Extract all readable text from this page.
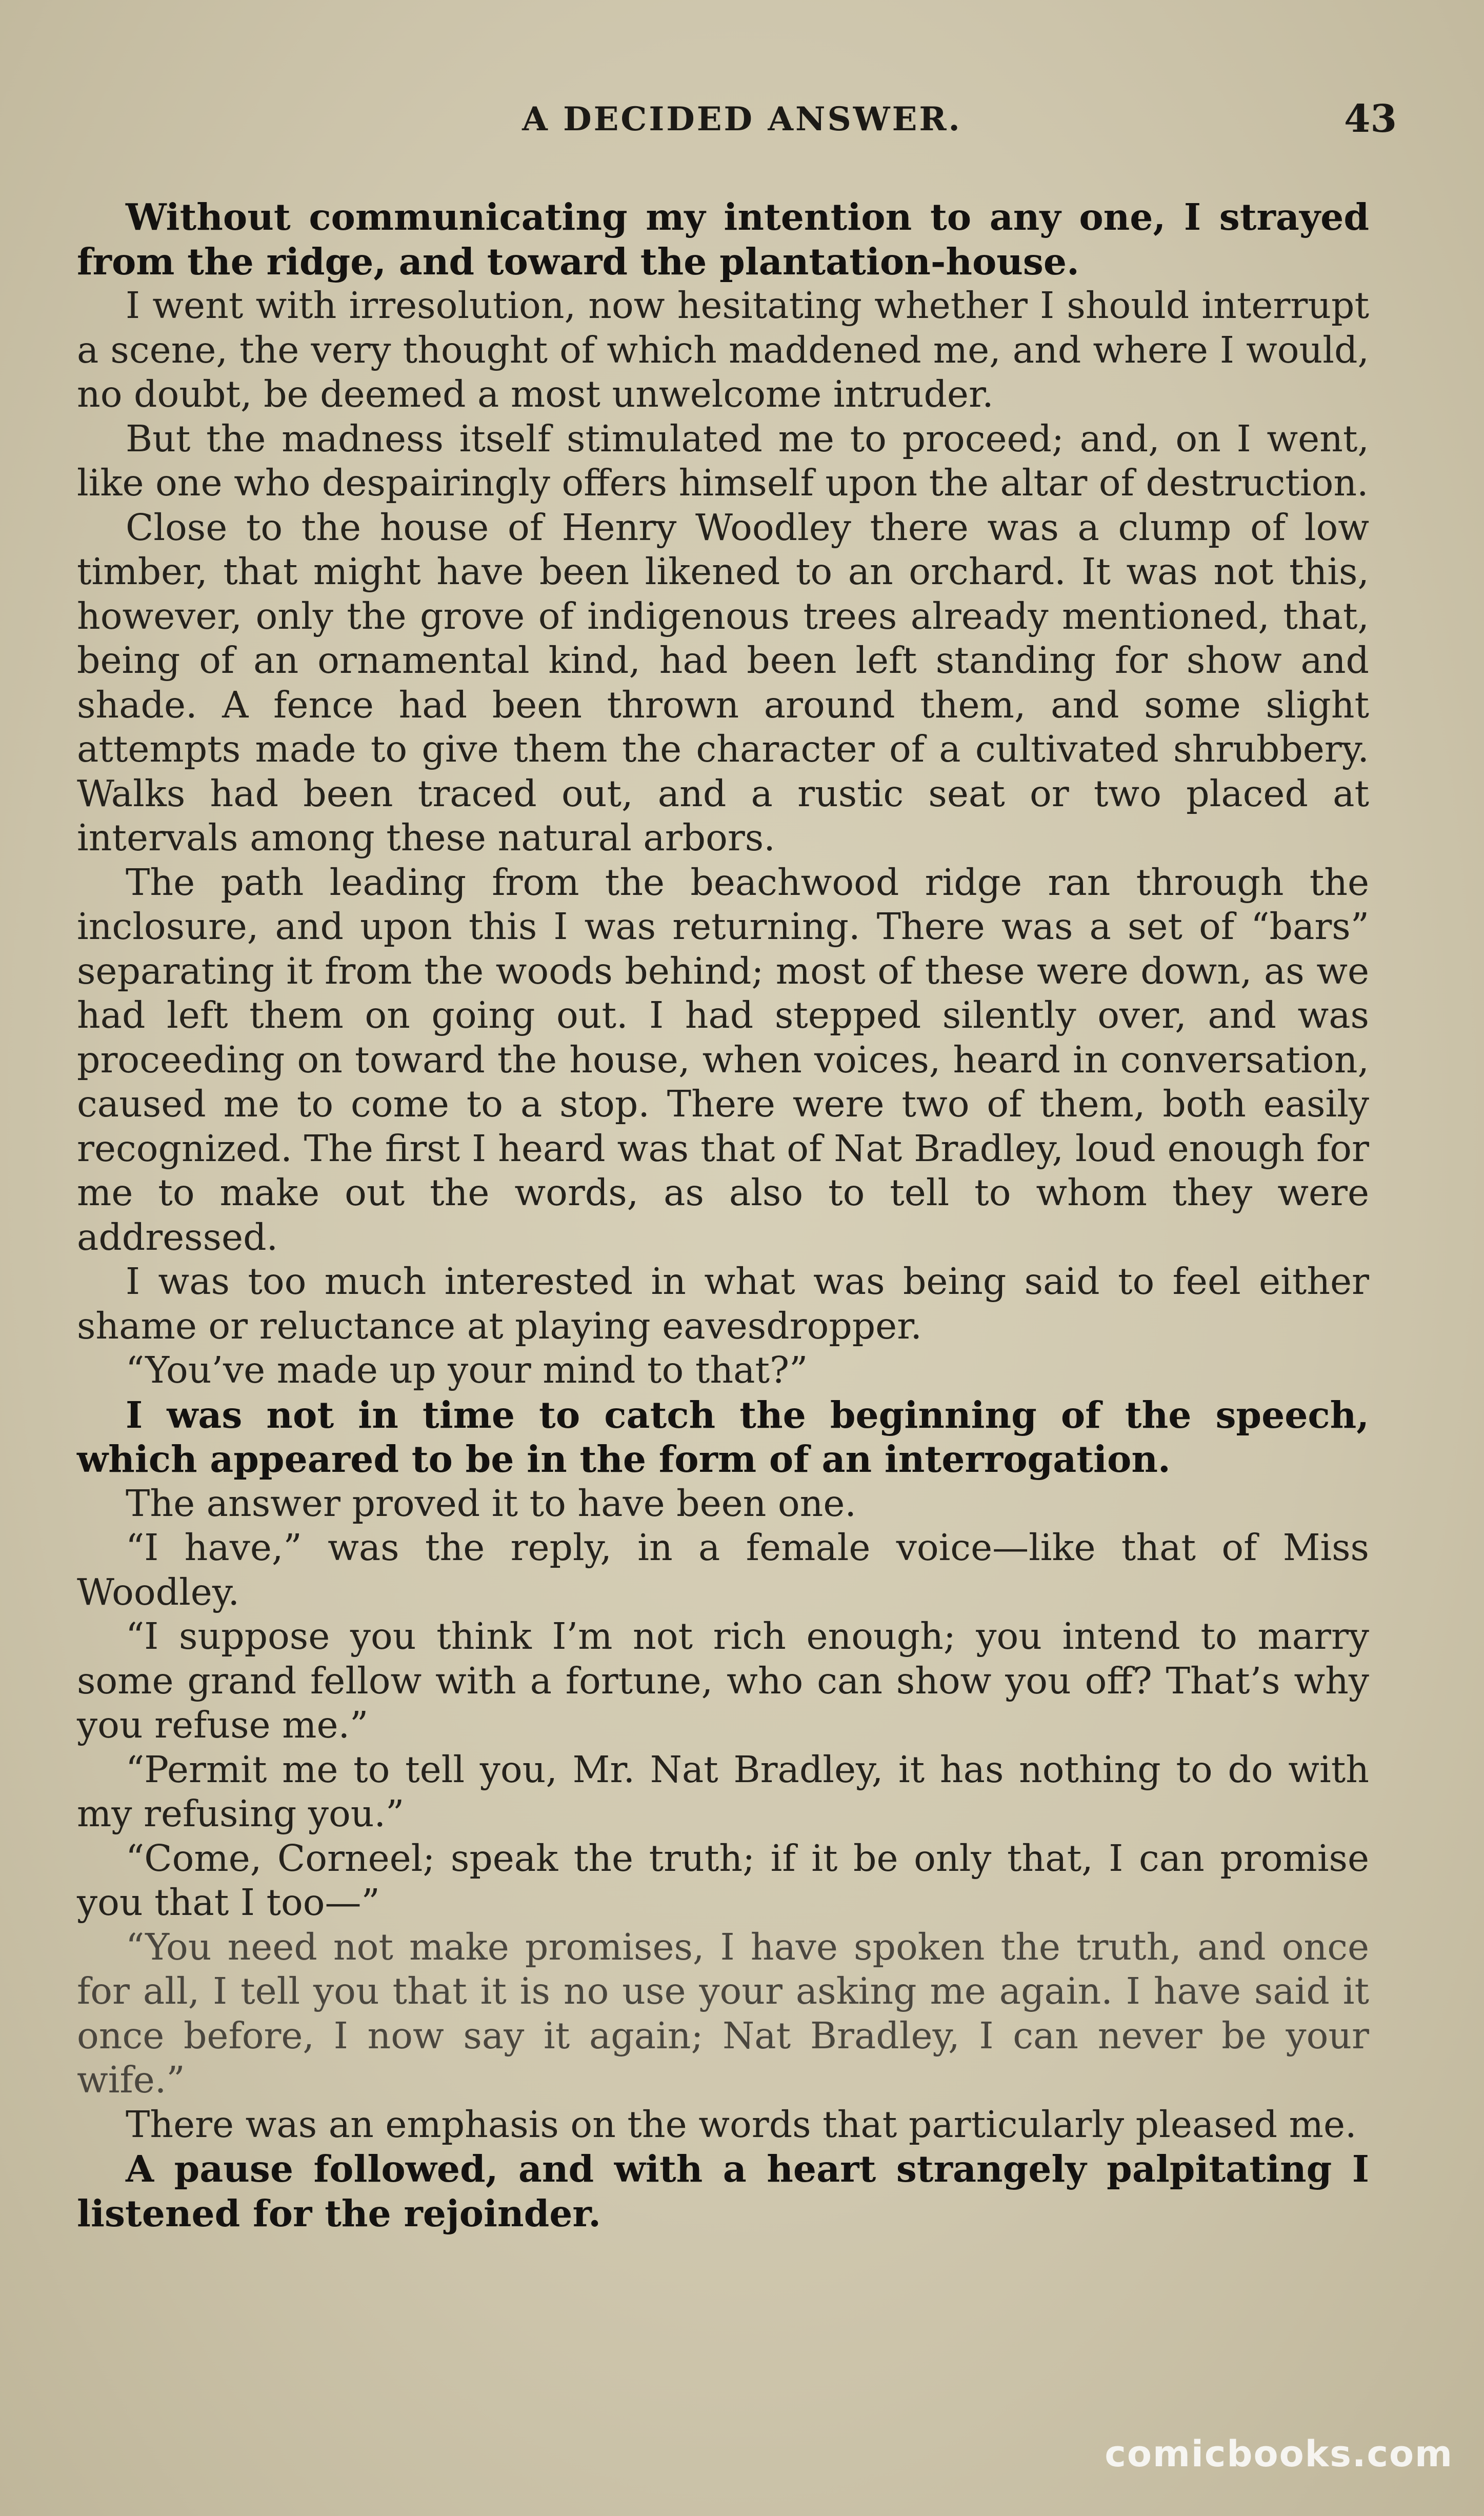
A DECIDED ANSWER.	43

Without communicating my intention to any one, I strayed from the ridge, and toward the plantation-house.

I went with irresolution, now hesitating whether I should interrupt a scene, the very thought of which maddened me, and where I would, no doubt, be deemed a most unwelcome intruder.

But the madness itself stimulated me to proceed; and, on I went, like one who despairingly offers himself upon the altar of destruction.

Close to the house of Henry Woodley there was a clump of low timber, that might have been likened to an orchard. It was not this, however, only the grove of indigenous trees already mentioned, that, being of an ornamental kind, had been left standing for show and shade. A fence had been thrown around them, and some slight attempts made to give them the character of a cultivated shrubbery. Walks had been traced out, and a rustic seat or two placed at intervals among these natural arbors.

The path leading from the beachwood ridge ran through the inclosure, and upon this I was returning. There was a set of “bars” separating it from the woods behind; most of these were down, as we had left them on going out. I had stepped silently over, and was proceeding on toward the house, when voices, heard in conversation, caused me to come to a stop. There were two of them, both easily recognized. The first I heard was that of Nat Bradley, loud enough for me to make out the words, as also to tell to whom they were addressed.

I was too much interested in what was being said to feel either shame or reluctance at playing eavesdropper.

“You’ve made up your mind to that?”

I was not in time to catch the beginning of the speech, which appeared to be in the form of an interrogation.

The answer proved it to have been one.

“I have,” was the reply, in a female voice—like that of Miss Woodley.

“I suppose you think I’m not rich enough; you intend to marry some grand fellow with a fortune, who can show you off? That’s why you refuse me.”

“Permit me to tell you, Mr. Nat Bradley, it has nothing to do with my refusing you.”

“Come, Corneel; speak the truth; if it be only that, I can promise you that I too—”

“You need not make promises, I have spoken the truth, and once for all, I tell you that it is no use your asking me again. I have said it once before, I now say it again; Nat Bradley, I can never be your wife.”

There was an emphasis on the words that particularly pleased me.

A pause followed, and with a heart strangely palpitating I listened for the rejoinder.

comicbooks.com
